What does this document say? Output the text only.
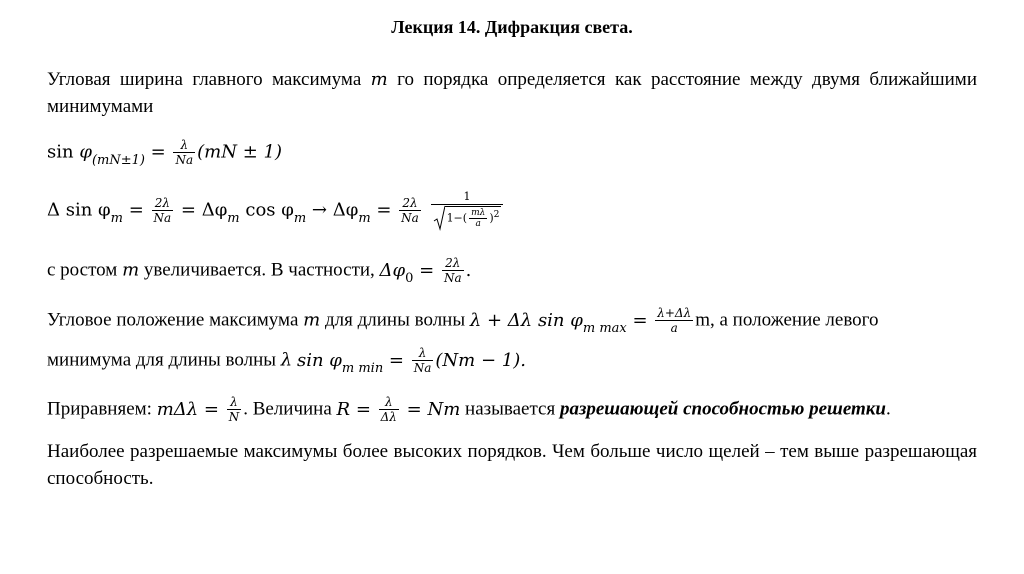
Лекция 14. Дифракция света.
Угловая ширина главного максимума m го порядка определяется как расстояние между двумя ближайшими минимумами
$\sin \varphi_{(mN\pm 1)} = \frac{\lambda}{Na} (mN \pm 1)$
Δ $\sin \varphi_m = \frac{2\lambda}{Na} = \Delta\varphi_m$ $\cos \varphi_m \to \Delta\varphi_m = \frac{2\lambda}{Na}$
$\frac{1}{1-( \frac{m\lambda}{a} )^2}$
с ростом m увеличивается. В частности, $\Delta\varphi_0 = \frac{2\lambda}{Na}$ .
Угловое положение максимума m для длины волны λ + Δλ $\sin \varphi_{m max} = \frac{\lambda+\Delta\lambda}{a} m$, а положение левого
минимума для длины волны λ $\sin \varphi_{m min} = \frac{\lambda}{Na} (Nm - 1)$.
Приравняем: $m\Delta\lambda = \frac{\lambda}{N}$ . Величина $R = \frac{\lambda}{\Delta\lambda} = Nm$ называется разрешающей способностью решетки.
Наиболее разрешаемые максимумы более высоких порядков. Чем больше число щелей – тем выше разрешающая способность.
